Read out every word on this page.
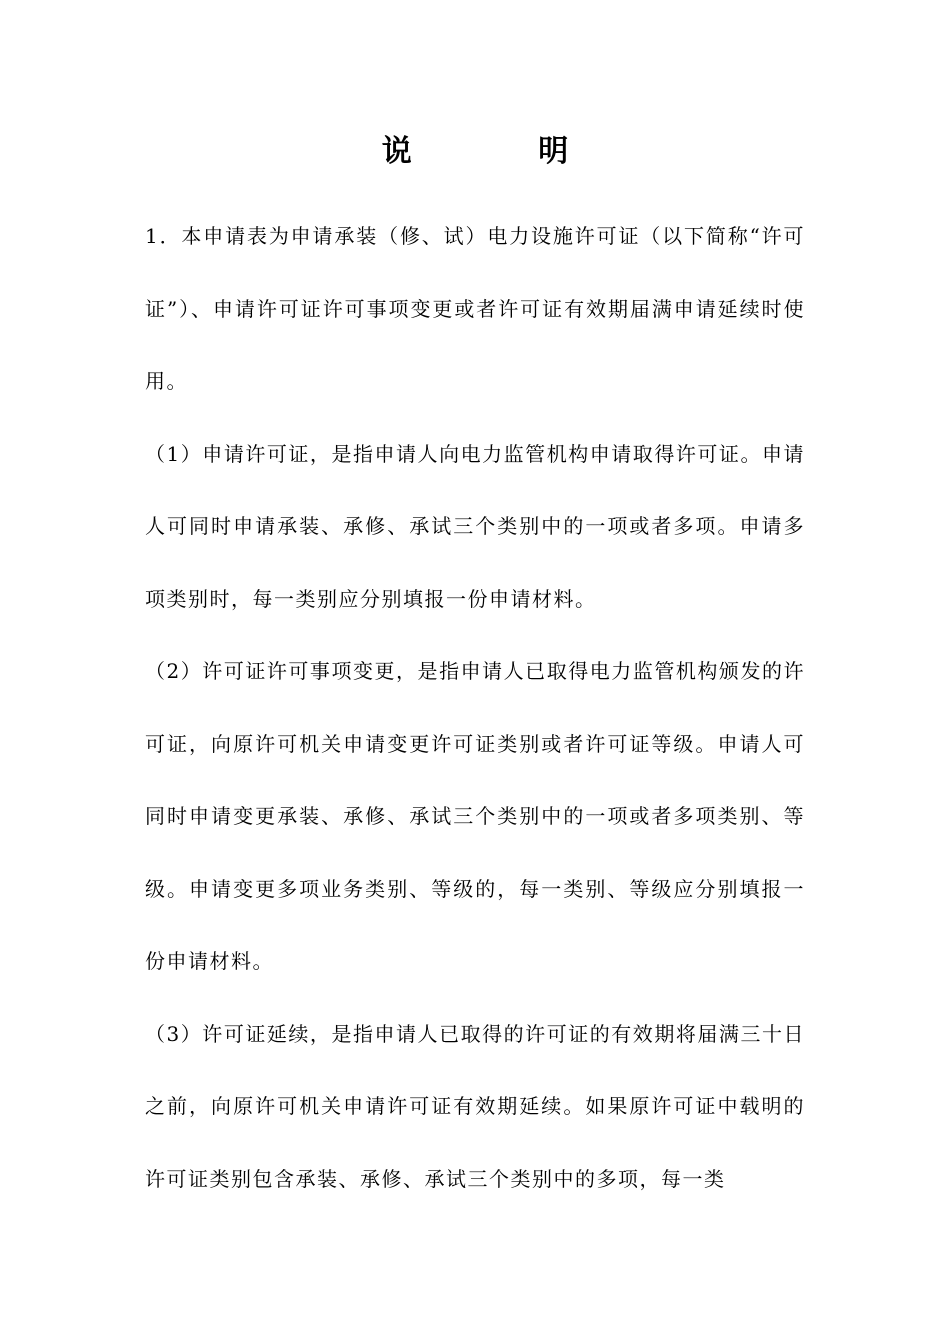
说 明

1．本申请表为申请承装（修、试）电力设施许可证（以下简称“许可证”）、申请许可证许可事项变更或者许可证有效期届满申请延续时使用。

（1）申请许可证，是指申请人向电力监管机构申请取得许可证。申请人可同时申请承装、承修、承试三个类别中的一项或者多项。申请多项类别时，每一类别应分别填报一份申请材料。

（2）许可证许可事项变更，是指申请人已取得电力监管机构颁发的许可证，向原许可机关申请变更许可证类别或者许可证等级。申请人可同时申请变更承装、承修、承试三个类别中的一项或者多项类别、等级。申请变更多项业务类别、等级的，每一类别、等级应分别填报一份申请材料。

（3）许可证延续，是指申请人已取得的许可证的有效期将届满三十日之前，向原许可机关申请许可证有效期延续。如果原许可证中载明的许可证类别包含承装、承修、承试三个类别中的多项，每一类
